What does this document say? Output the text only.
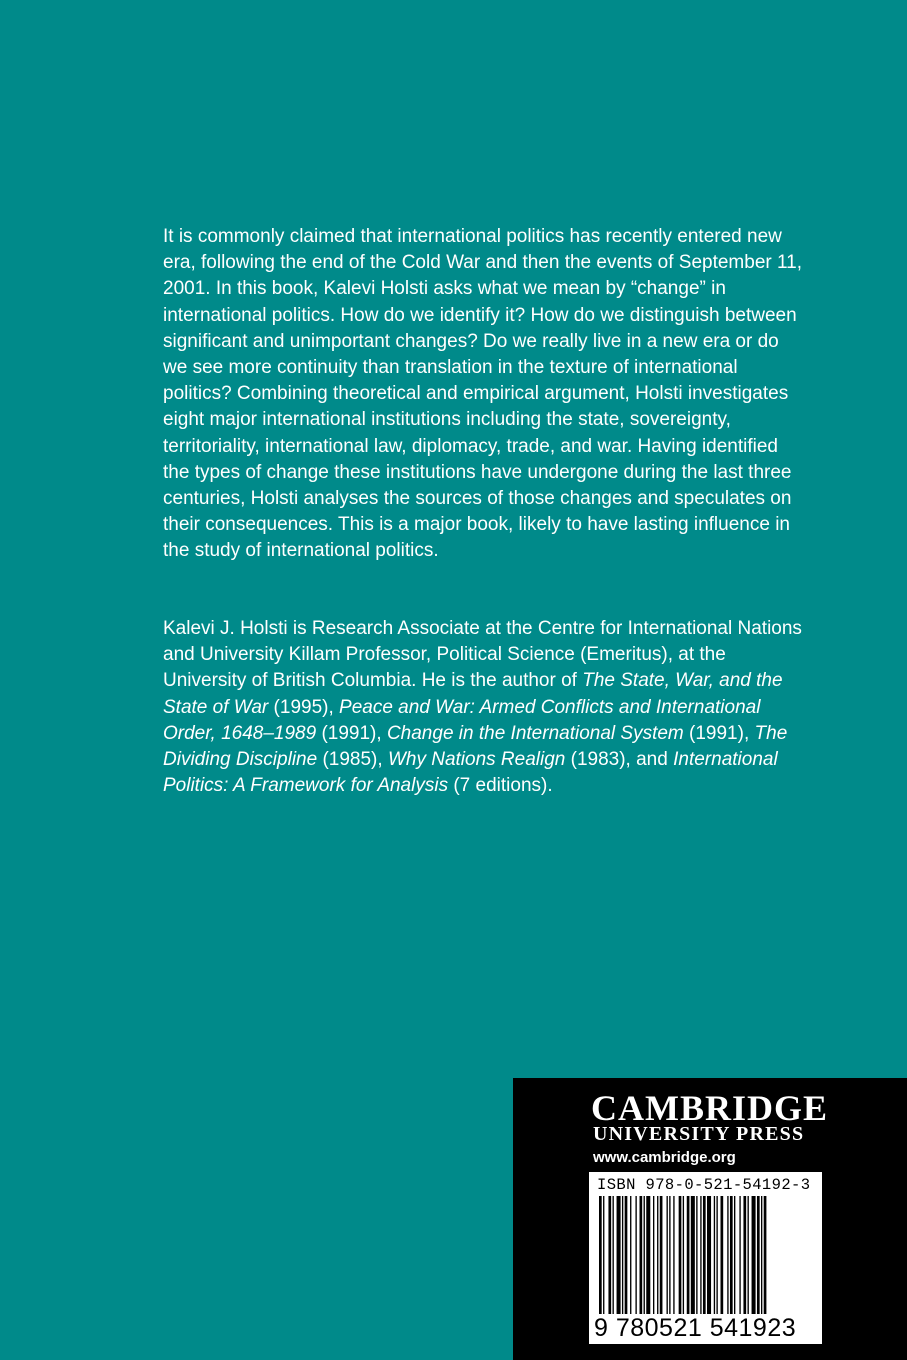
It is commonly claimed that international politics has recently entered new era, following the end of the Cold War and then the events of September 11, 2001. In this book, Kalevi Holsti asks what we mean by “change” in international politics. How do we identify it? How do we distinguish between significant and unimportant changes? Do we really live in a new era or do we see more continuity than translation in the texture of international politics? Combining theoretical and empirical argument, Holsti investigates eight major international institutions including the state, sovereignty, territoriality, international law, diplomacy, trade, and war. Having identified the types of change these institutions have undergone during the last three centuries, Holsti analyses the sources of those changes and speculates on their consequences. This is a major book, likely to have lasting influence in the study of international politics.

Kalevi J. Holsti is Research Associate at the Centre for International Nations and University Killam Professor, Political Science (Emeritus), at the University of British Columbia. He is the author of The State, War, and the State of War (1995), Peace and War: Armed Conflicts and International Order, 1648–1989 (1991), Change in the International System (1991), The Dividing Discipline (1985), Why Nations Realign (1983), and International Politics: A Framework for Analysis (7 editions).
CAMBRIDGE
UNIVERSITY PRESS
www.cambridge.org
ISBN 978-0-521-54192-3
9 780521 541923
